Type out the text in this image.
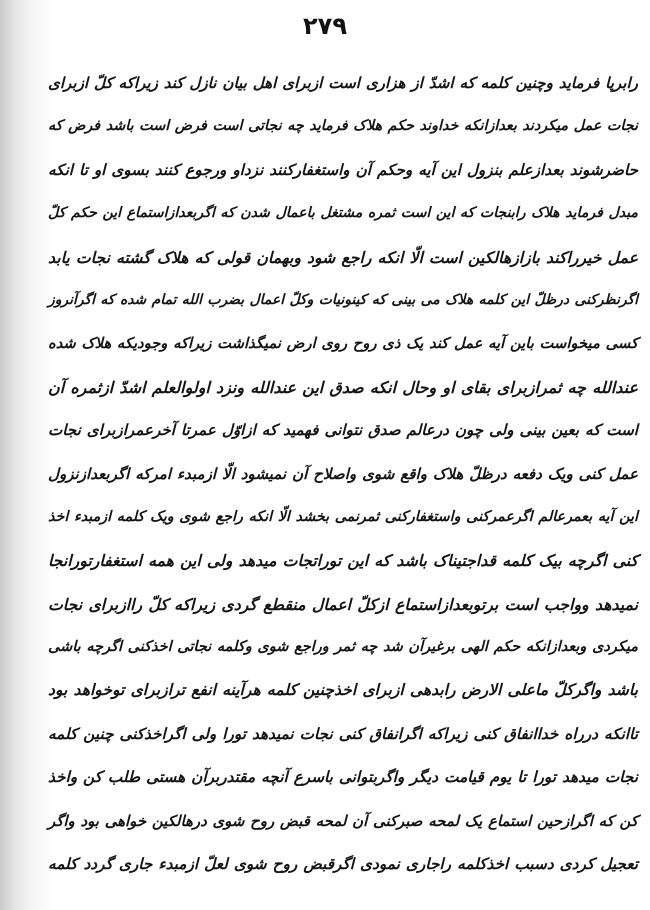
۲۷۹
رابرپا فرماید وچنین کلمه که اشدّ از هزاری است ازبرای اهل بیان نازل کند زیراکه کلّ ازبرای
نجات عمل میکردند بعدازانکه خداوند حکم هلاک فرماید چه نجاتی است فرض است باشد فرض که
حاضرشوند بعدازعلم بنزول این آیه وحکم آن واستغفارکنند نزداو ورجوع کنند بسوی او تا انکه
مبدل فرماید هلاک رابنجات که این است ثمره مشتغل باعمال شدن که اگربعدازاستماع این حکم کلّ
عمل خیرراکند بازازهالکین است الّا انکه راجع شود وبهمان قولی که هلاک گشته نجات یابد
اگرنظرکنی درظلّ این کلمه هلاک می بینی که کینونیات وکلّ اعمال بضرب الله تمام شده که اگرآنروز
کسی میخواست باین آیه عمل کند یک ذی روح روی ارض نمیگذاشت زیراکه وجودیکه هلاک شده
عندالله چه ثمرازبرای بقای او وحال انکه صدق این عندالله ونزد اولوالعلم اشدّ ازثمره آن
است که بعین بینی ولی چون درعالم صدق نتوانی فهمید که ازاوّل عمرتا آخرعمرازبرای نجات
عمل کنی ویک دفعه درظلّ هلاک واقع شوی واصلاح آن نمیشود الّا ازمبدء امرکه اگربعدازنزول
این آیه بعمرعالم اگرعمرکنی واستغفارکنی ثمرنمی بخشد الّا انکه راجع شوی ویک کلمه ازمبدء اخذ
کنی اگرچه بیک کلمه قداجتیناک باشد که این توراتجات میدهد ولی این همه استغفارتورانجا
نمیدهد وواجب است برتوبعدازاستماع ازکلّ اعمال منقطع گردی زیراکه کلّ راازبرای نجات
میکردی وبعدازانکه حکم الهی برغیرآن شد چه ثمر وراجع شوی وکلمه نجاتی اخذکنی اگرچه باشی
باشد واگرکلّ ماعلی الارض رابدهی ازبرای اخذچنین کلمه هرآینه انفع ترازبرای توخواهد بود
تاانکه درراه خداانفاق کنی زیراکه اگرانفاق کنی نجات نمیدهد تورا ولی اگراخذکنی چنین کلمه
نجات میدهد تورا تا یوم قیامت دیگر واگربتوانی باسرع آنچه مقتدربرآن هستی طلب کن واخذ
کن که اگرازحین استماع یک لمحه صبرکنی آن لمحه قبض روح شوی درهالکین خواهی بود واگر
تعجیل کردی دسبب اخذکلمه راجاری نمودی اگرقبض روح شوی لعلّ ازمبدء جاری گردد کلمه
